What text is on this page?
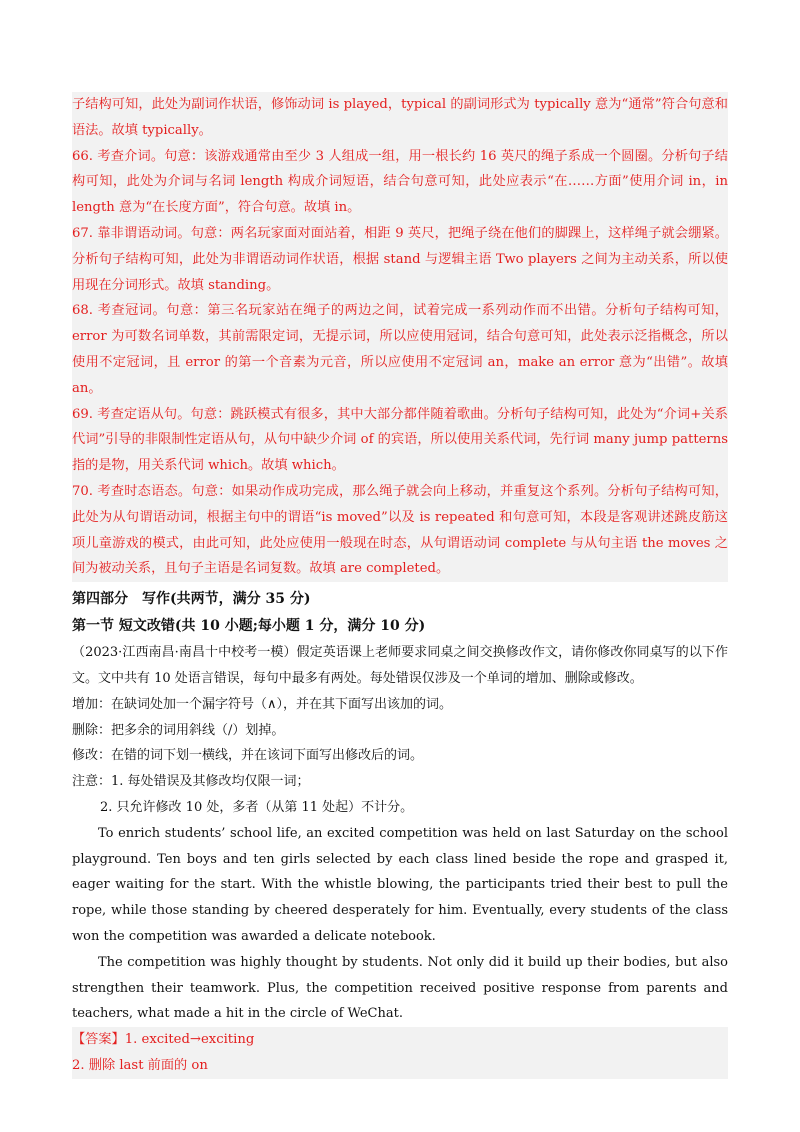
子结构可知，此处为副词作状语，修饰动词 is played，typical 的副词形式为 typically 意为“通常”符合句意和语法。故填 typically。

66. 考查介词。句意：该游戏通常由至少 3 人组成一组，用一根长约 16 英尺的绳子系成一个圆圈。分析句子结构可知，此处为介词与名词 length 构成介词短语，结合句意可知，此处应表示“在……方面”使用介词 in，in length 意为“在长度方面”，符合句意。故填 in。

67. 靠非谓语动词。句意：两名玩家面对面站着，相距 9 英尺，把绳子绕在他们的脚踝上，这样绳子就会绷紧。分析句子结构可知，此处为非谓语动词作状语，根据 stand 与逻辑主语 Two players 之间为主动关系，所以使用现在分词形式。故填 standing。

68. 考查冠词。句意：第三名玩家站在绳子的两边之间，试着完成一系列动作而不出错。分析句子结构可知，error 为可数名词单数，其前需限定词，无提示词，所以应使用冠词，结合句意可知，此处表示泛指概念，所以使用不定冠词，且 error 的第一个音素为元音，所以应使用不定冠词 an，make an error 意为“出错”。故填 an。

69. 考查定语从句。句意：跳跃模式有很多，其中大部分都伴随着歌曲。分析句子结构可知，此处为“介词+关系代词”引导的非限制性定语从句，从句中缺少介词 of 的宾语，所以使用关系代词，先行词 many jump patterns 指的是物，用关系代词 which。故填 which。

70. 考查时态语态。句意：如果动作成功完成，那么绳子就会向上移动，并重复这个系列。分析句子结构可知，此处为从句谓语动词，根据主句中的谓语“is moved”以及 is repeated 和句意可知，本段是客观讲述跳皮筋这项儿童游戏的模式，由此可知，此处应使用一般现在时态，从句谓语动词 complete 与从句主语 the moves 之间为被动关系，且句子主语是名词复数。故填 are completed。

第四部分　写作(共两节，满分 35 分)

第一节 短文改错(共 10 小题;每小题 1 分，满分 10 分)

（2023·江西南昌·南昌十中校考一模）假定英语课上老师要求同桌之间交换修改作文，请你修改你同桌写的以下作文。文中共有 10 处语言错误，每句中最多有两处。每处错误仅涉及一个单词的增加、删除或修改。

增加：在缺词处加一个漏字符号（∧），并在其下面写出该加的词。

删除：把多余的词用斜线（/）划掉。

修改：在错的词下划一横线，并在该词下面写出修改后的词。

注意：1. 每处错误及其修改均仅限一词；

2. 只允许修改 10 处，多者（从第 11 处起）不计分。

To enrich students’ school life, an excited competition was held on last Saturday on the school playground. Ten boys and ten girls selected by each class lined beside the rope and grasped it, eager waiting for the start. With the whistle blowing, the participants tried their best to pull the rope, while those standing by cheered desperately for him. Eventually, every students of the class won the competition was awarded a delicate notebook.

The competition was highly thought by students. Not only did it build up their bodies, but also strengthen their teamwork. Plus, the competition received positive response from parents and teachers, what made a hit in the circle of WeChat.

【答案】1. excited→exciting

2. 删除 last 前面的 on
